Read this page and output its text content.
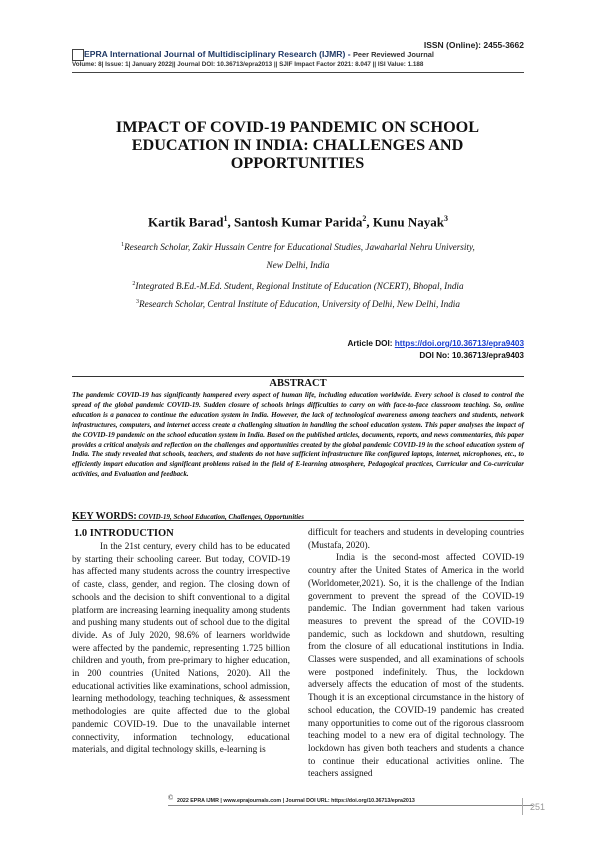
ISSN (Online): 2455-3662
EPRA International Journal of Multidisciplinary Research (IJMR) - Peer Reviewed Journal
Volume: 8| Issue: 1| January 2022|| Journal DOI: 10.36713/epra2013 || SJIF Impact Factor 2021: 8.047 || ISI Value: 1.188
IMPACT OF COVID-19 PANDEMIC ON SCHOOL EDUCATION IN INDIA: CHALLENGES AND OPPORTUNITIES
Kartik Barad$^1$, Santosh Kumar Parida$^2$, Kunu Nayak$^3$
$^1$Research Scholar, Zakir Hussain Centre for Educational Studies, Jawaharlal Nehru University,
New Delhi, India
$^2$Integrated B.Ed.-M.Ed. Student, Regional Institute of Education (NCERT), Bhopal, India
$^3$Research Scholar, Central Institute of Education, University of Delhi, New Delhi, India
Article DOI: https://doi.org/10.36713/epra9403
DOI No: 10.36713/epra9403
ABSTRACT
The pandemic COVID-19 has significantly hampered every aspect of human life, including education worldwide. Every school is closed to control the spread of the global pandemic COVID-19. Sudden closure of schools brings difficulties to carry on with face-to-face classroom teaching. So, online education is a panacea to continue the education system in India. However, the lack of technological awareness among teachers and students, network infrastructures, computers, and internet access create a challenging situation in handling the school education system. This paper analyses the impact of the COVID-19 pandemic on the school education system in India. Based on the published articles, documents, reports, and news commentaries, this paper provides a critical analysis and reflection on the challenges and opportunities created by the global pandemic COVID-19 in the school education system of India. The study revealed that schools, teachers, and students do not have sufficient infrastructure like configured laptops, internet, microphones, etc., to efficiently impart education and significant problems raised in the field of E-learning atmosphere, Pedagogical practices, Curricular and Co-curricular activities, and Evaluation and feedback.
KEY WORDS: COVID-19, School Education, Challenges, Opportunities
1.0 INTRODUCTION

In the 21st century, every child has to be educated by starting their schooling career. But today, COVID-19 has affected many students across the country irrespective of caste, class, gender, and region. The closing down of schools and the decision to shift conventional to a digital platform are increasing learning inequality among students and pushing many students out of school due to the digital divide. As of July 2020, 98.6% of learners worldwide were affected by the pandemic, representing 1.725 billion children and youth, from pre-primary to higher education, in 200 countries (United Nations, 2020). All the educational activities like examinations, school admission, learning methodology, teaching techniques, & assessment methodologies are quite affected due to the global pandemic COVID-19. Due to the unavailable internet connectivity, information technology, educational materials, and digital technology skills, e-learning is

difficult for teachers and students in developing countries (Mustafa, 2020).

India is the second-most affected COVID-19 country after the United States of America in the world (Worldometer,2021). So, it is the challenge of the Indian government to prevent the spread of the COVID-19 pandemic. The Indian government had taken various measures to prevent the spread of the COVID-19 pandemic, such as lockdown and shutdown, resulting from the closure of all educational institutions in India. Classes were suspended, and all examinations of schools were postponed indefinitely. Thus, the lockdown adversely affects the education of most of the students. Though it is an exceptional circumstance in the history of school education, the COVID-19 pandemic has created many opportunities to come out of the rigorous classroom teaching model to a new era of digital technology. The lockdown has given both teachers and students a chance to continue their educational activities online. The teachers assigned

© 2022 EPRA IJMR | www.eprajournals.com | Journal DOI URL: https://doi.org/10.36713/epra2013
251
